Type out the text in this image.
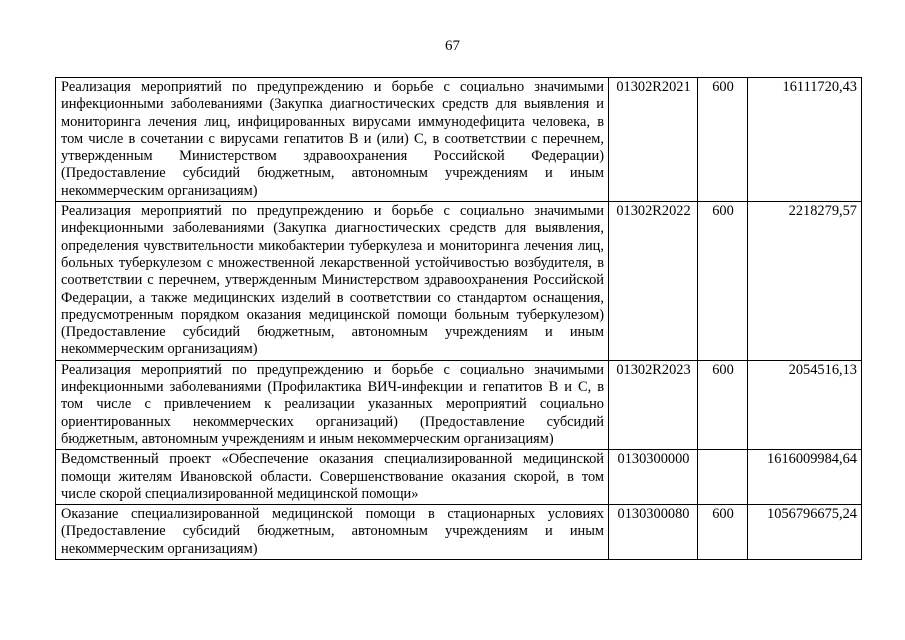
67
Реализация мероприятий по предупреждению и борьбе с социально значимыми инфекционными заболеваниями (Закупка диагностических средств для выявления и мониторинга лечения лиц, инфицированных вирусами иммунодефицита человека, в том числе в сочетании с вирусами гепатитов B и (или) C, в соответствии с перечнем, утвержденным Министерством здравоохранения Российской Федерации) (Предоставление субсидий бюджетным, автономным учреждениям и иным некоммерческим организациям)	01302R2021	600	16111720,43
Реализация мероприятий по предупреждению и борьбе с социально значимыми инфекционными заболеваниями (Закупка диагностических средств для выявления, определения чувствительности микобактерии туберкулеза и мониторинга лечения лиц, больных туберкулезом с множественной лекарственной устойчивостью возбудителя, в соответствии с перечнем, утвержденным Министерством здравоохранения Российской Федерации, а также медицинских изделий в соответствии со стандартом оснащения, предусмотренным порядком оказания медицинской помощи больным туберкулезом) (Предоставление субсидий бюджетным, автономным учреждениям и иным некоммерческим организациям)	01302R2022	600	2218279,57
Реализация мероприятий по предупреждению и борьбе с социально значимыми инфекционными заболеваниями (Профилактика ВИЧ-инфекции и гепатитов B и C, в том числе с привлечением к реализации указанных мероприятий социально ориентированных некоммерческих организаций) (Предоставление субсидий бюджетным, автономным учреждениям и иным некоммерческим организациям)	01302R2023	600	2054516,13
Ведомственный проект «Обеспечение оказания специализированной медицинской помощи жителям Ивановской области. Совершенствование оказания скорой, в том числе скорой специализированной медицинской помощи»	0130300000		1616009984,64
Оказание специализированной медицинской помощи в стационарных условиях (Предоставление субсидий бюджетным, автономным учреждениям и иным некоммерческим организациям)	0130300080	600	1056796675,24
